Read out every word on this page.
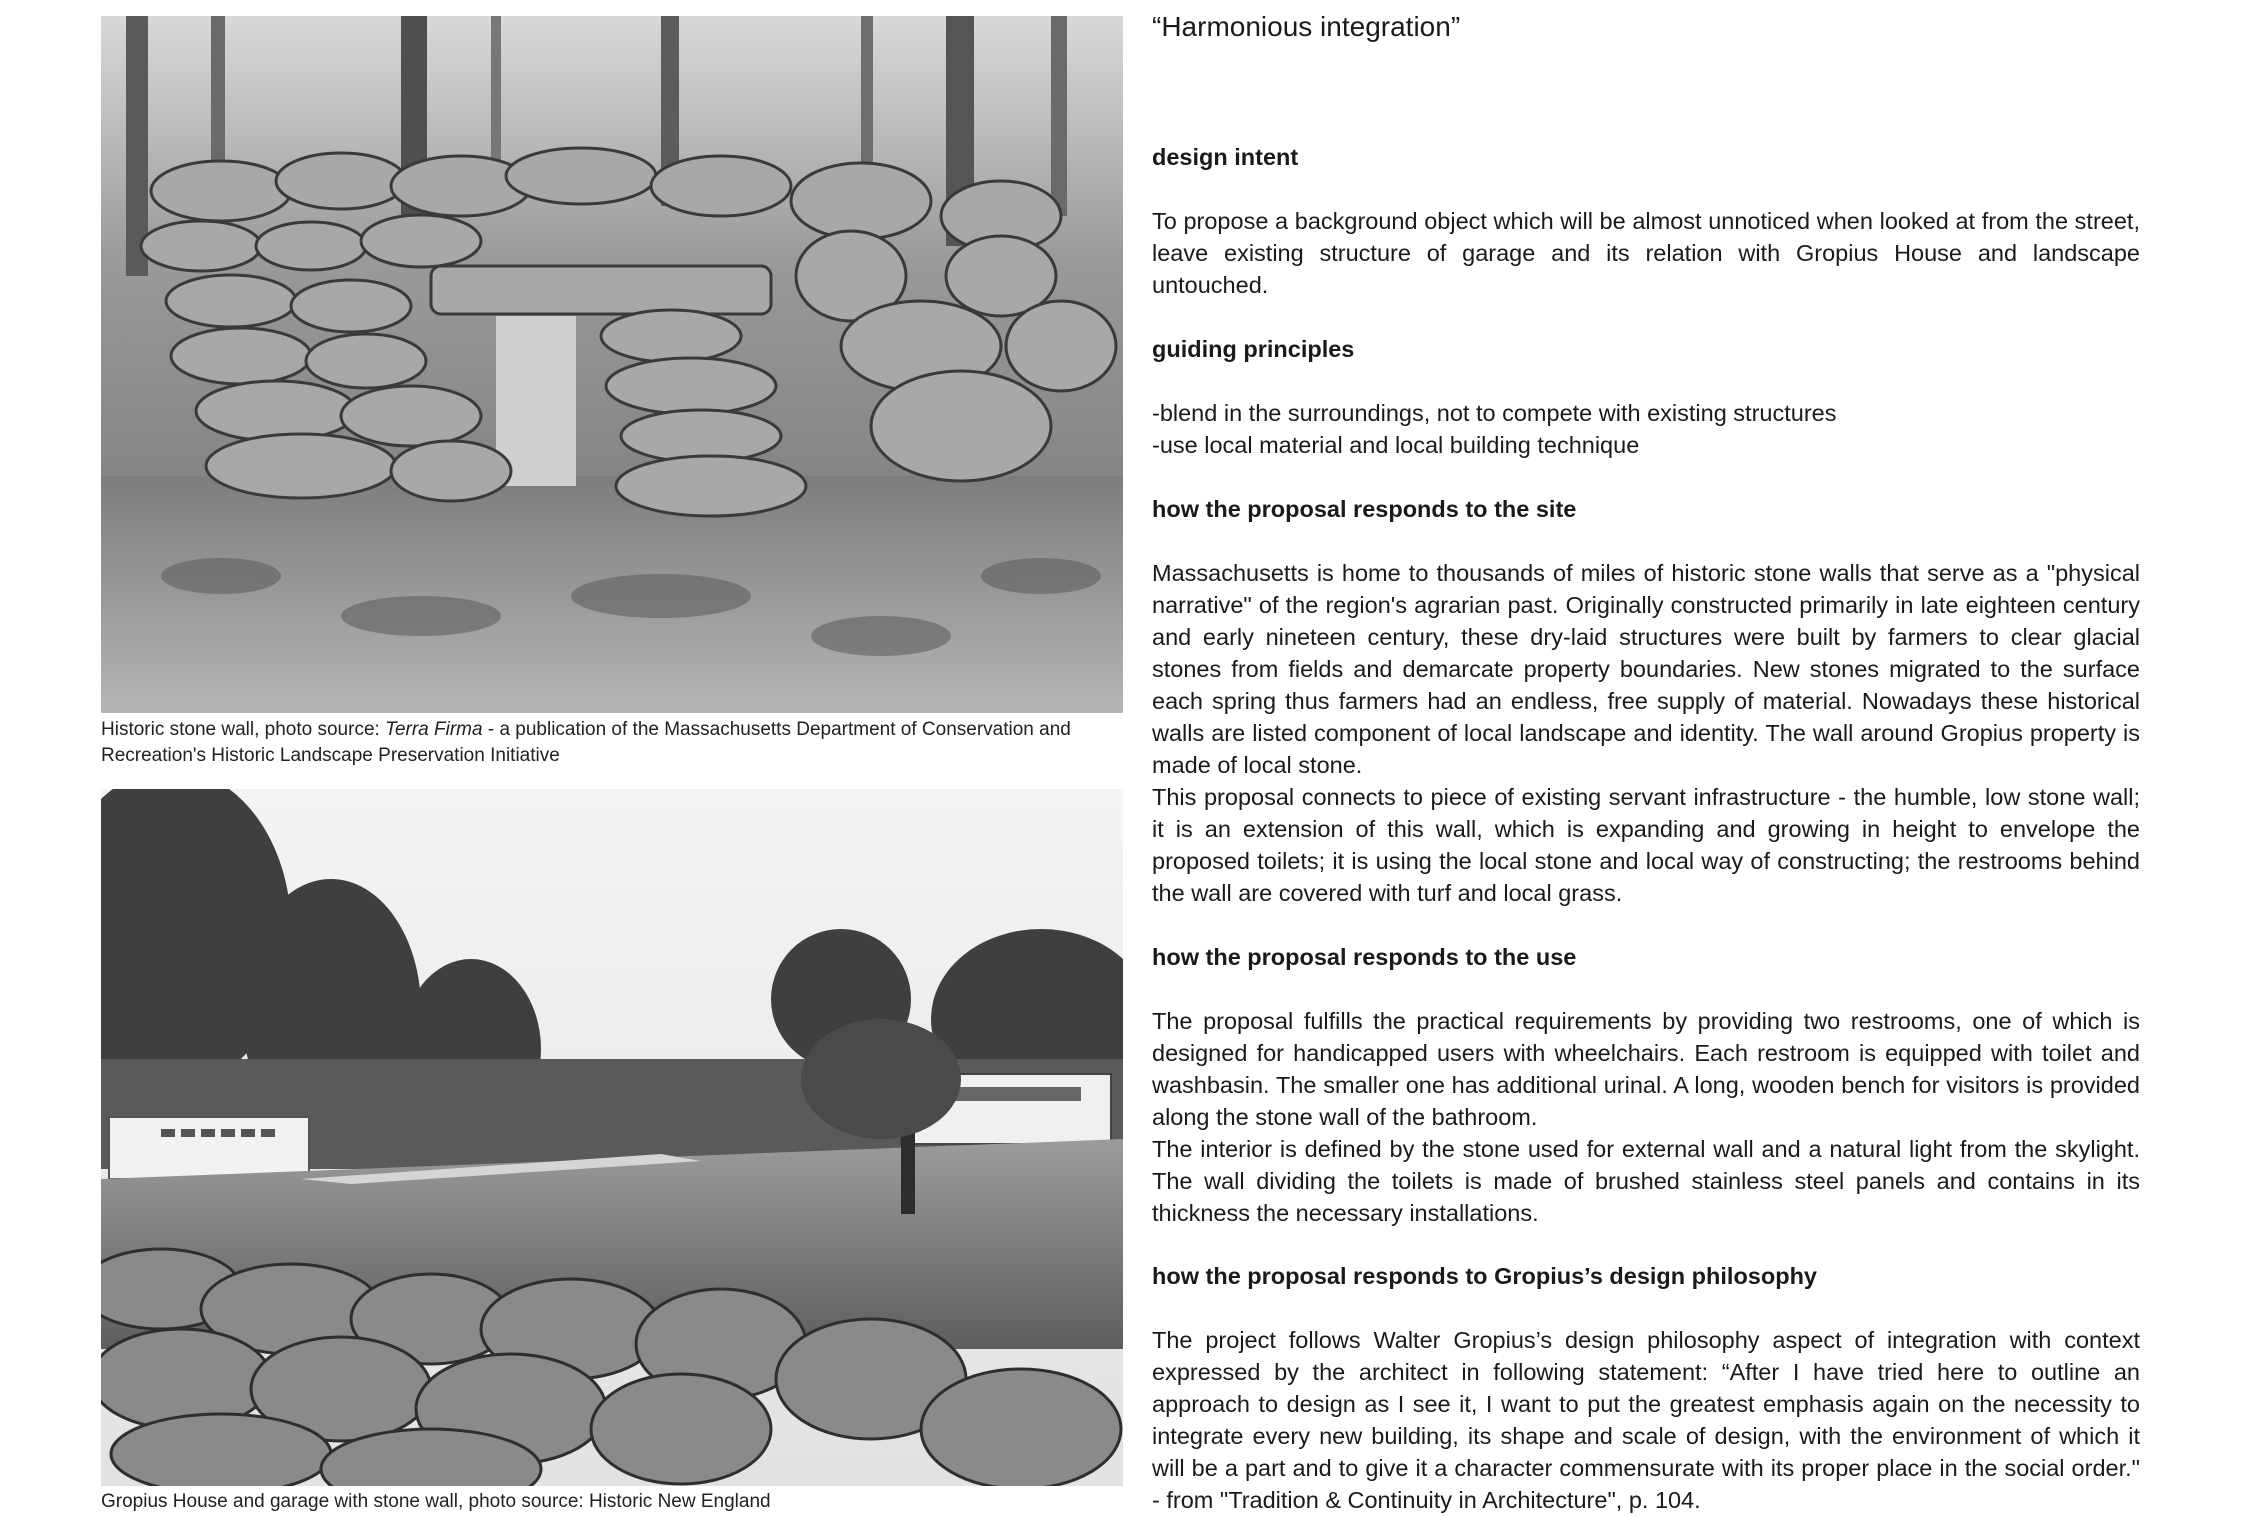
Historic stone wall, photo source: Terra Firma - a publication of the Massachusetts Department of Conservation and Recreation's Historic Landscape Preservation Initiative
Gropius House and garage with stone wall, photo source: Historic New England
“Harmonious integration”
design intent
To propose a background object which will be almost unnoticed when looked at from the street, leave existing structure of garage and its relation with Gropius House and landscape untouched.
guiding principles
-blend in the surroundings, not to compete with existing structures
-use local material and local building technique
how the proposal responds to the site

Massachusetts is home to thousands of miles of historic stone walls that serve as a "physical narrative" of the region's agrarian past. Originally constructed primarily in late eighteen century and early nineteen century, these dry-laid structures were built by farmers to clear glacial stones from fields and demarcate property boundaries. New stones migrated to the surface each spring thus farmers had an endless, free supply of material. Nowadays these historical walls are listed component of local landscape and identity. The wall around Gropius property is made of local stone.

This proposal connects to piece of existing servant infrastructure - the humble, low stone wall; it is an extension of this wall, which is expanding and growing in height to envelope the proposed toilets; it is using the local stone and local way of constructing; the restrooms behind the wall are covered with turf and local grass.

how the proposal responds to the use

The proposal fulfills the practical requirements by providing two restrooms, one of which is designed for handicapped users with wheelchairs. Each restroom is equipped with toilet and washbasin. The smaller one has additional urinal. A long, wooden bench for visitors is provided along the stone wall of the bathroom.

The interior is defined by the stone used for external wall and a natural light from the skylight. The wall dividing the toilets is made of brushed stainless steel panels and contains in its thickness the necessary installations.

how the proposal responds to Gropius’s design philosophy
The project follows Walter Gropius’s design philosophy aspect of integration with context expressed by the architect in following statement: “After I have tried here to outline an approach to design as I see it, I want to put the greatest emphasis again on the necessity to integrate every new building, its shape and scale of design, with the environment of which it will be a part and to give it a character commensurate with its proper place in the social order." - from "Tradition & Continuity in Architecture", p. 104.
